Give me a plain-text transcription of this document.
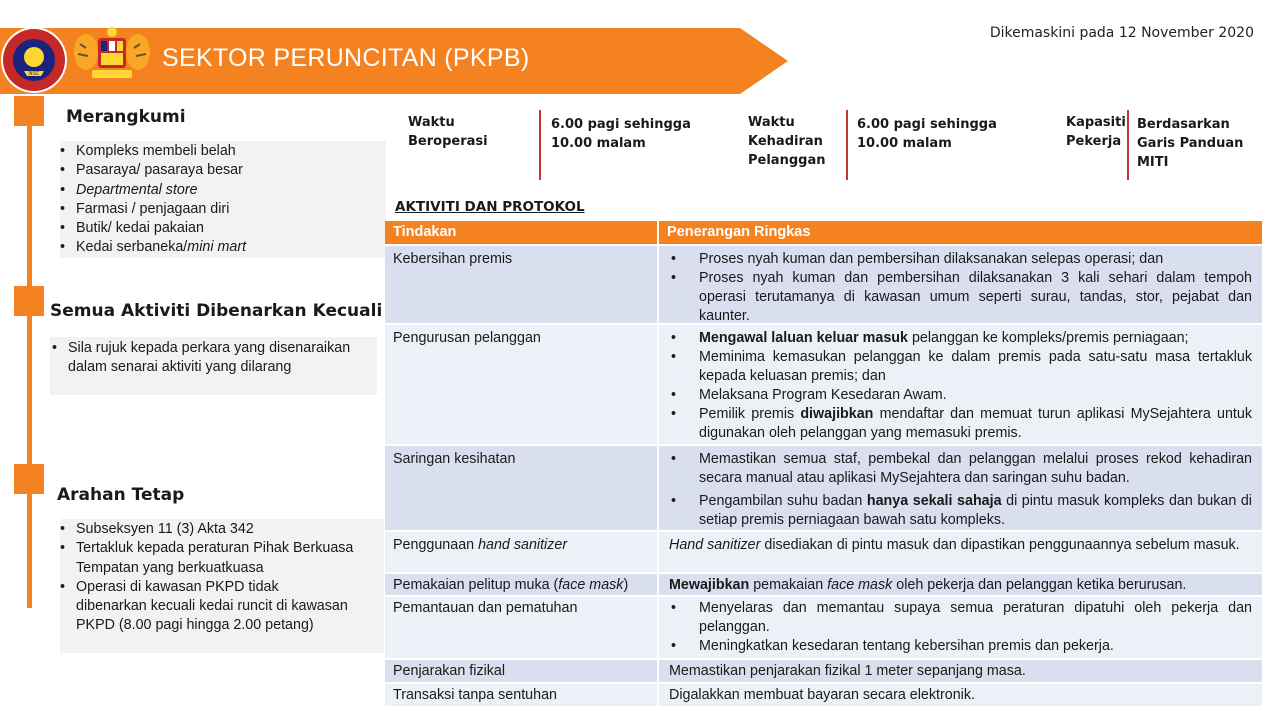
SEKTOR PERUNCITAN (PKPB)
NSC
Dikemaskini pada 12 November 2020
Merangkumi
• Kompleks membeli belah
• Pasaraya/ pasaraya besar
• Departmental store
• Farmasi / penjagaan diri
• Butik/ kedai pakaian
• Kedai serbaneka/mini mart
Semua Aktiviti Dibenarkan Kecuali
• Sila rujuk kepada perkara yang disenaraikan dalam senarai aktiviti yang dilarang
Arahan Tetap
• Subseksyen 11 (3) Akta 342
• Tertakluk kepada peraturan Pihak Berkuasa Tempatan yang berkuatkuasa
• Operasi di kawasan PKPD tidak dibenarkan kecuali kedai runcit di kawasan PKPD (8.00 pagi hingga 2.00 petang)
Waktu Beroperasi
6.00 pagi sehingga 10.00 malam
Waktu Kehadiran Pelanggan
6.00 pagi sehingga 10.00 malam
Kapasiti Pekerja
Berdasarkan Garis Panduan MITI
AKTIVITI DAN PROTOKOL
Tindakan	Penerangan Ringkas
Kebersihan premis	• Proses nyah kuman dan pembersihan dilaksanakan selepas operasi; dan
• Proses nyah kuman dan pembersihan dilaksanakan 3 kali sehari dalam tempoh operasi terutamanya di kawasan umum seperti surau, tandas, stor, pejabat dan kaunter.
Pengurusan pelanggan	• Mengawal laluan keluar masuk pelanggan ke kompleks/premis perniagaan;
• Meminima kemasukan pelanggan ke dalam premis pada satu-satu masa tertakluk kepada keluasan premis; dan
• Melaksana Program Kesedaran Awam.
• Pemilik premis diwajibkan mendaftar dan memuat turun aplikasi MySejahtera untuk digunakan oleh pelanggan yang memasuki premis.
Saringan kesihatan	• Memastikan semua staf, pembekal dan pelanggan melalui proses rekod kehadiran secara manual atau aplikasi MySejahtera dan saringan suhu badan.
• Pengambilan suhu badan hanya sekali sahaja di pintu masuk kompleks dan bukan di setiap premis perniagaan bawah satu kompleks.
Penggunaan hand sanitizer	Hand sanitizer disediakan di pintu masuk dan dipastikan penggunaannya sebelum masuk.
Pemakaian pelitup muka (face mask)	Mewajibkan pemakaian face mask oleh pekerja dan pelanggan ketika berurusan.
Pemantauan dan pematuhan	• Menyelaras dan memantau supaya semua peraturan dipatuhi oleh pekerja dan pelanggan.
• Meningkatkan kesedaran tentang kebersihan premis dan pekerja.
Penjarakan fizikal	Memastikan penjarakan fizikal 1 meter sepanjang masa.
Transaksi tanpa sentuhan	Digalakkan membuat bayaran secara elektronik.
